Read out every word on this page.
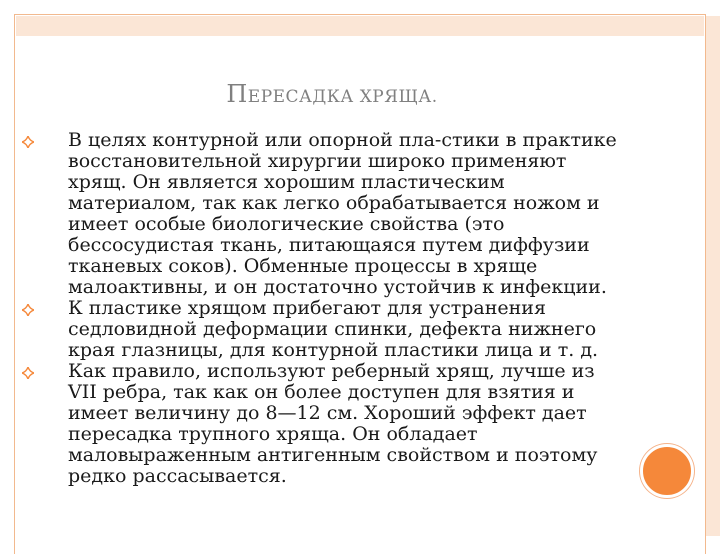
ПЕРЕСАДКА ХРЯЩА.
В целях контурной или опорной пла-стики в практике восстановительной хирургии широко применяют хрящ. Он является хорошим пластическим материалом, так как легко обрабатывается ножом и имеет особые биологические свойства (это бессосудистая ткань, питающаяся путем диффузии тканевых соков). Обменные процессы в хряще малоактивны, и он достаточно устойчив к инфекции.
К пластике хрящом прибегают для устранения седловидной деформации спинки, дефекта нижнего края глазницы, для контурной пластики лица и т. д.
Как правило, используют реберный хрящ, лучше из VII ребра, так как он более доступен для взятия и имеет величину до 8—12 см. Хороший эффект дает пересадка трупного хряща. Он обладает маловыраженным антигенным свойством и поэтому редко рассасывается.
